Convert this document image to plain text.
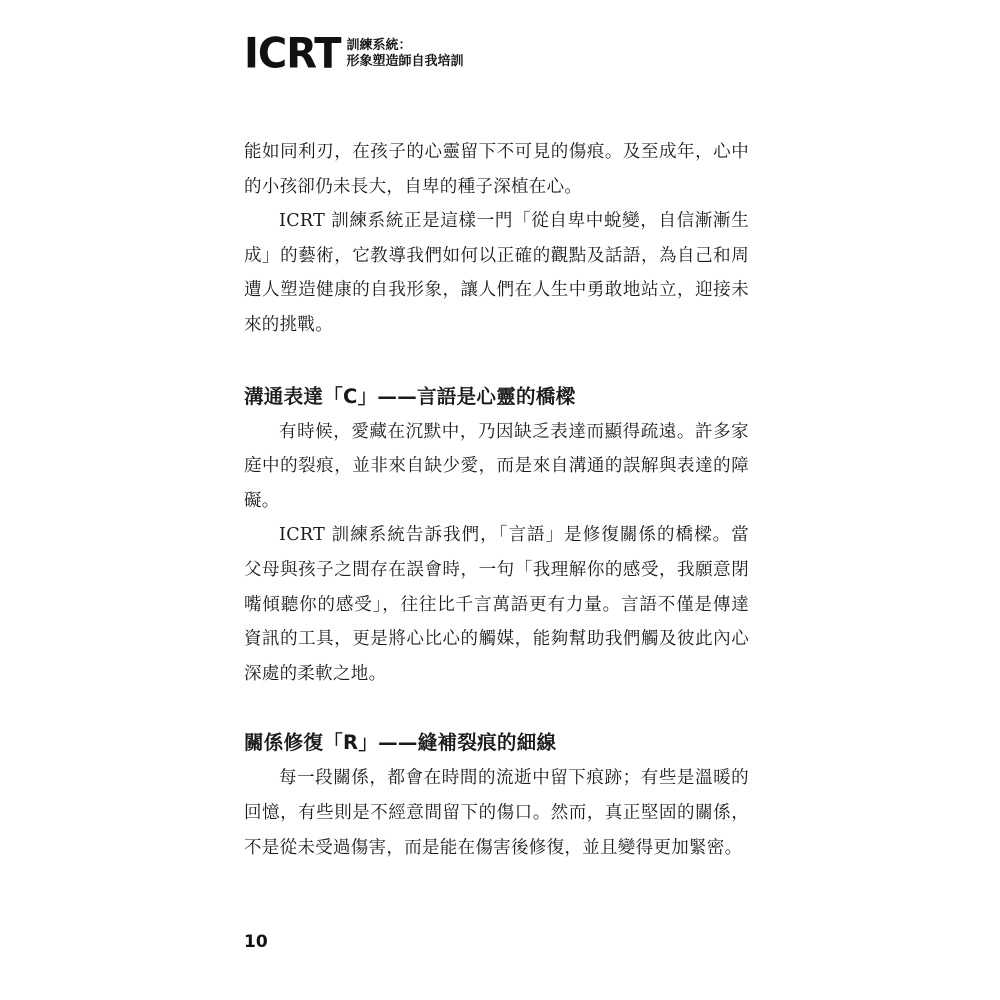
ICRT 訓練系統：
形象塑造師自我培訓

能如同利刃，在孩子的心靈留下不可見的傷痕。及至成年，心中的小孩卻仍未長大，自卑的種子深植在心。

ICRT 訓練系統正是這樣一門「從自卑中蛻變，自信漸漸生成」的藝術，它教導我們如何以正確的觀點及話語，為自己和周遭人塑造健康的自我形象，讓人們在人生中勇敢地站立，迎接未來的挑戰。

溝通表達「C」——言語是心靈的橋樑

有時候，愛藏在沉默中，乃因缺乏表達而顯得疏遠。許多家庭中的裂痕，並非來自缺少愛，而是來自溝通的誤解與表達的障礙。

ICRT 訓練系統告訴我們，「言語」是修復關係的橋樑。當父母與孩子之間存在誤會時，一句「我理解你的感受，我願意閉嘴傾聽你的感受」，往往比千言萬語更有力量。言語不僅是傳達資訊的工具，更是將心比心的觸媒，能夠幫助我們觸及彼此內心深處的柔軟之地。

關係修復「R」——縫補裂痕的細線

每一段關係，都會在時間的流逝中留下痕跡；有些是溫暖的回憶，有些則是不經意間留下的傷口。然而，真正堅固的關係，不是從未受過傷害，而是能在傷害後修復，並且變得更加緊密。

10
